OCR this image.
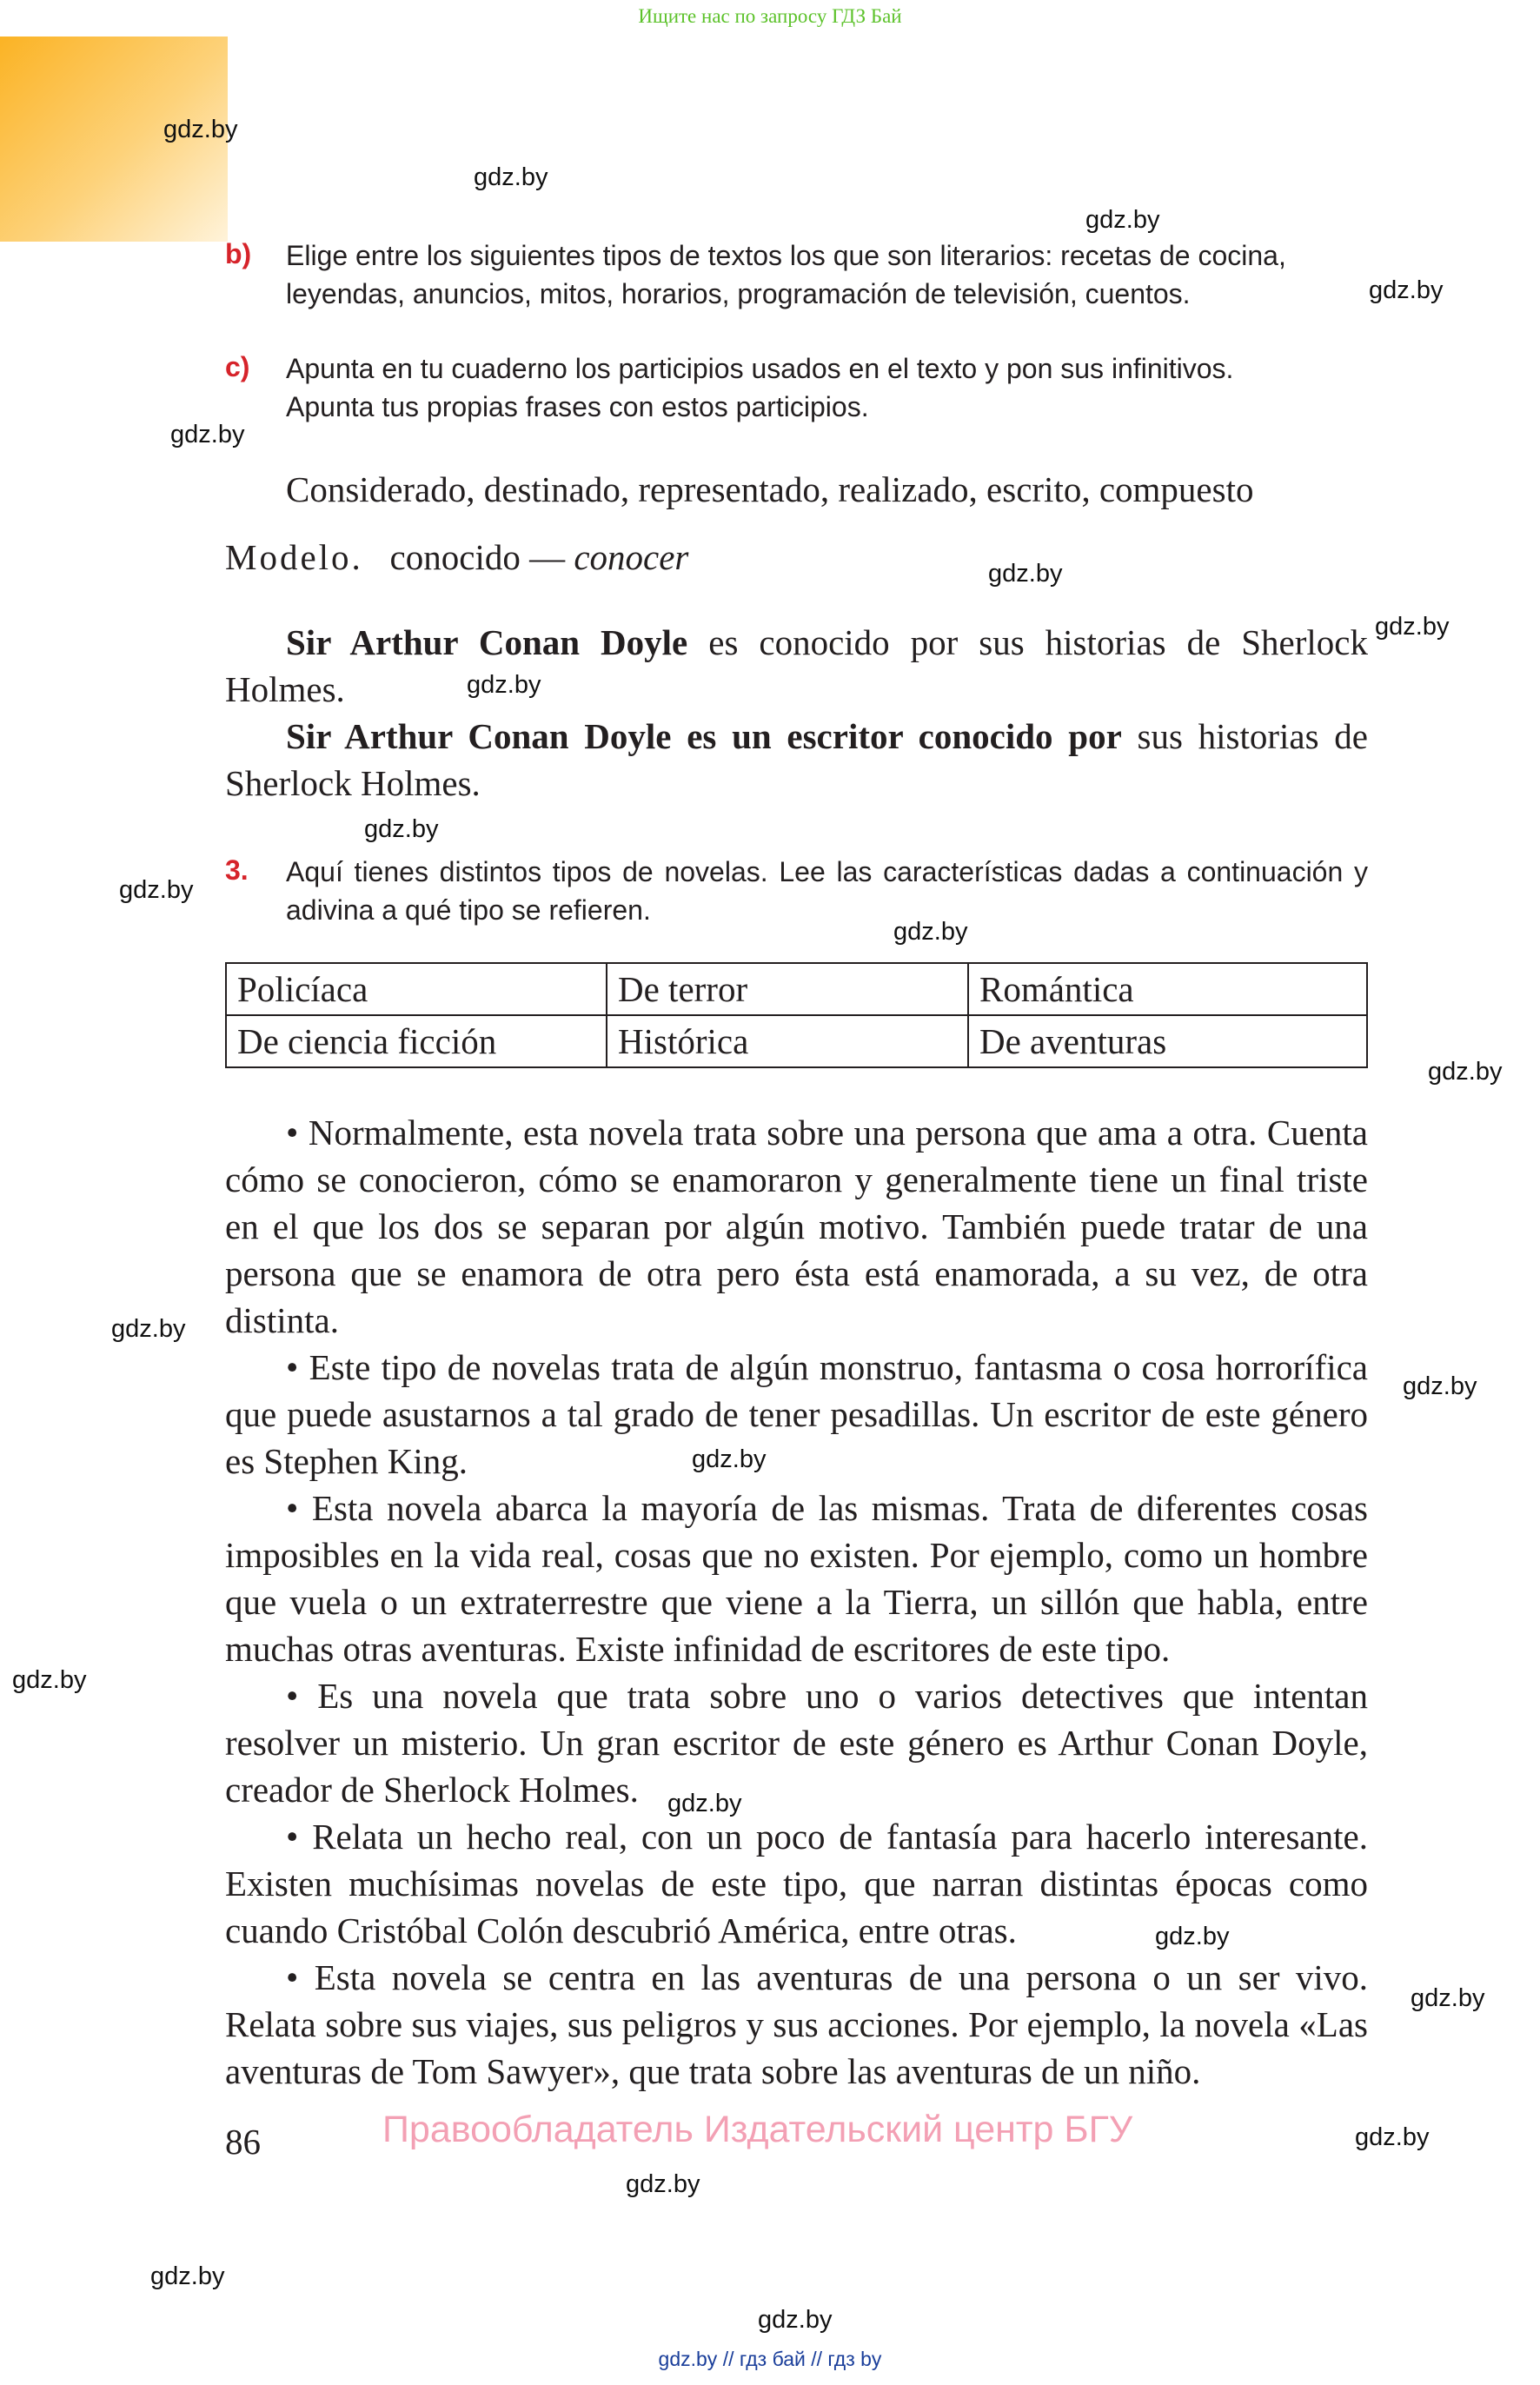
Ищите нас по запросу ГДЗ Бай
gdz.by
gdz.by
gdz.by
gdz.by
gdz.by
gdz.by
gdz.by
gdz.by
gdz.by
gdz.by
gdz.by
gdz.by
gdz.by
gdz.by
gdz.by
gdz.by
gdz.by
gdz.by
gdz.by
gdz.by
gdz.by
gdz.by
gdz.by
b) Elige entre los siguientes tipos de textos los que son literarios: recetas de cocina, leyendas, anuncios, mitos, horarios, programación de televisión, cuentos.
c) Apunta en tu cuaderno los participios usados en el texto y pon sus infinitivos.
Apunta tus propias frases con estos participios.
Considerado, destinado, representado, realizado, escrito, compuesto
Modelo. conocido — conocer
Sir Arthur Conan Doyle es conocido por sus historias de Sherlock Holmes.
Sir Arthur Conan Doyle es un escritor conocido por sus historias de Sherlock Holmes.
3. Aquí tienes distintos tipos de novelas. Lee las características dadas a continuación y adivina a qué tipo se refieren.
Policíaca	De terror	Romántica
De ciencia ficción	Histórica	De aventuras
• Normalmente, esta novela trata sobre una persona que ama a otra. Cuenta cómo se conocieron, cómo se enamoraron y generalmente tiene un final triste en el que los dos se separan por algún motivo. También puede tratar de una persona que se enamora de otra pero ésta está enamorada, a su vez, de otra distinta.
• Este tipo de novelas trata de algún monstruo, fantasma o cosa horrorífica que puede asustarnos a tal grado de tener pesadillas. Un escritor de este género es Stephen King.
• Esta novela abarca la mayoría de las mismas. Trata de diferentes cosas imposibles en la vida real, cosas que no existen. Por ejemplo, como un hombre que vuela o un extraterrestre que viene a la Tierra, un sillón que habla, entre muchas otras aventuras. Existe infinidad de escritores de este tipo.
• Es una novela que trata sobre uno o varios detectives que intentan resolver un misterio. Un gran escritor de este género es Arthur Conan Doyle, creador de Sherlock Holmes.
• Relata un hecho real, con un poco de fantasía para hacerlo interesante. Existen muchísimas novelas de este tipo, que narran distintas épocas como cuando Cristóbal Colón descubrió América, entre otras.
• Esta novela se centra en las aventuras de una persona o un ser vivo. Relata sobre sus viajes, sus peligros y sus acciones. Por ejemplo, la novela «Las aventuras de Tom Sawyer», que trata sobre las aventuras de un niño.
86	Правообладатель Издательский центр БГУ
gdz.by // гдз бай // гдз by
